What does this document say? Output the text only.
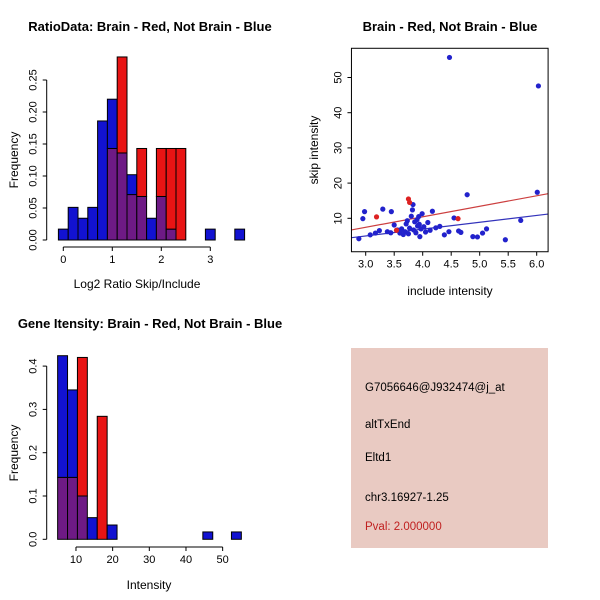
0.00
0.05
0.10
0.15
0.20
0.25
0	1	2	3
RatioData: Brain - Red, Not Brain - Blue
Frequency
Log2 Ratio Skip/Include
3.0 3.5 4.0 4.5 5.0 5.5 6.0
10
20
30
40
50
Brain - Red, Not Brain - Blue
skip intensity
include intensity
0.0
0.1
0.2
0.3
0.4
10 20 30 40 50
Gene Itensity: Brain - Red, Not Brain - Blue
Frequency
Intensity
G7056646@J932474@j_at
altTxEnd
Eltd1
chr3.16927-1.25
Pval: 2.000000
